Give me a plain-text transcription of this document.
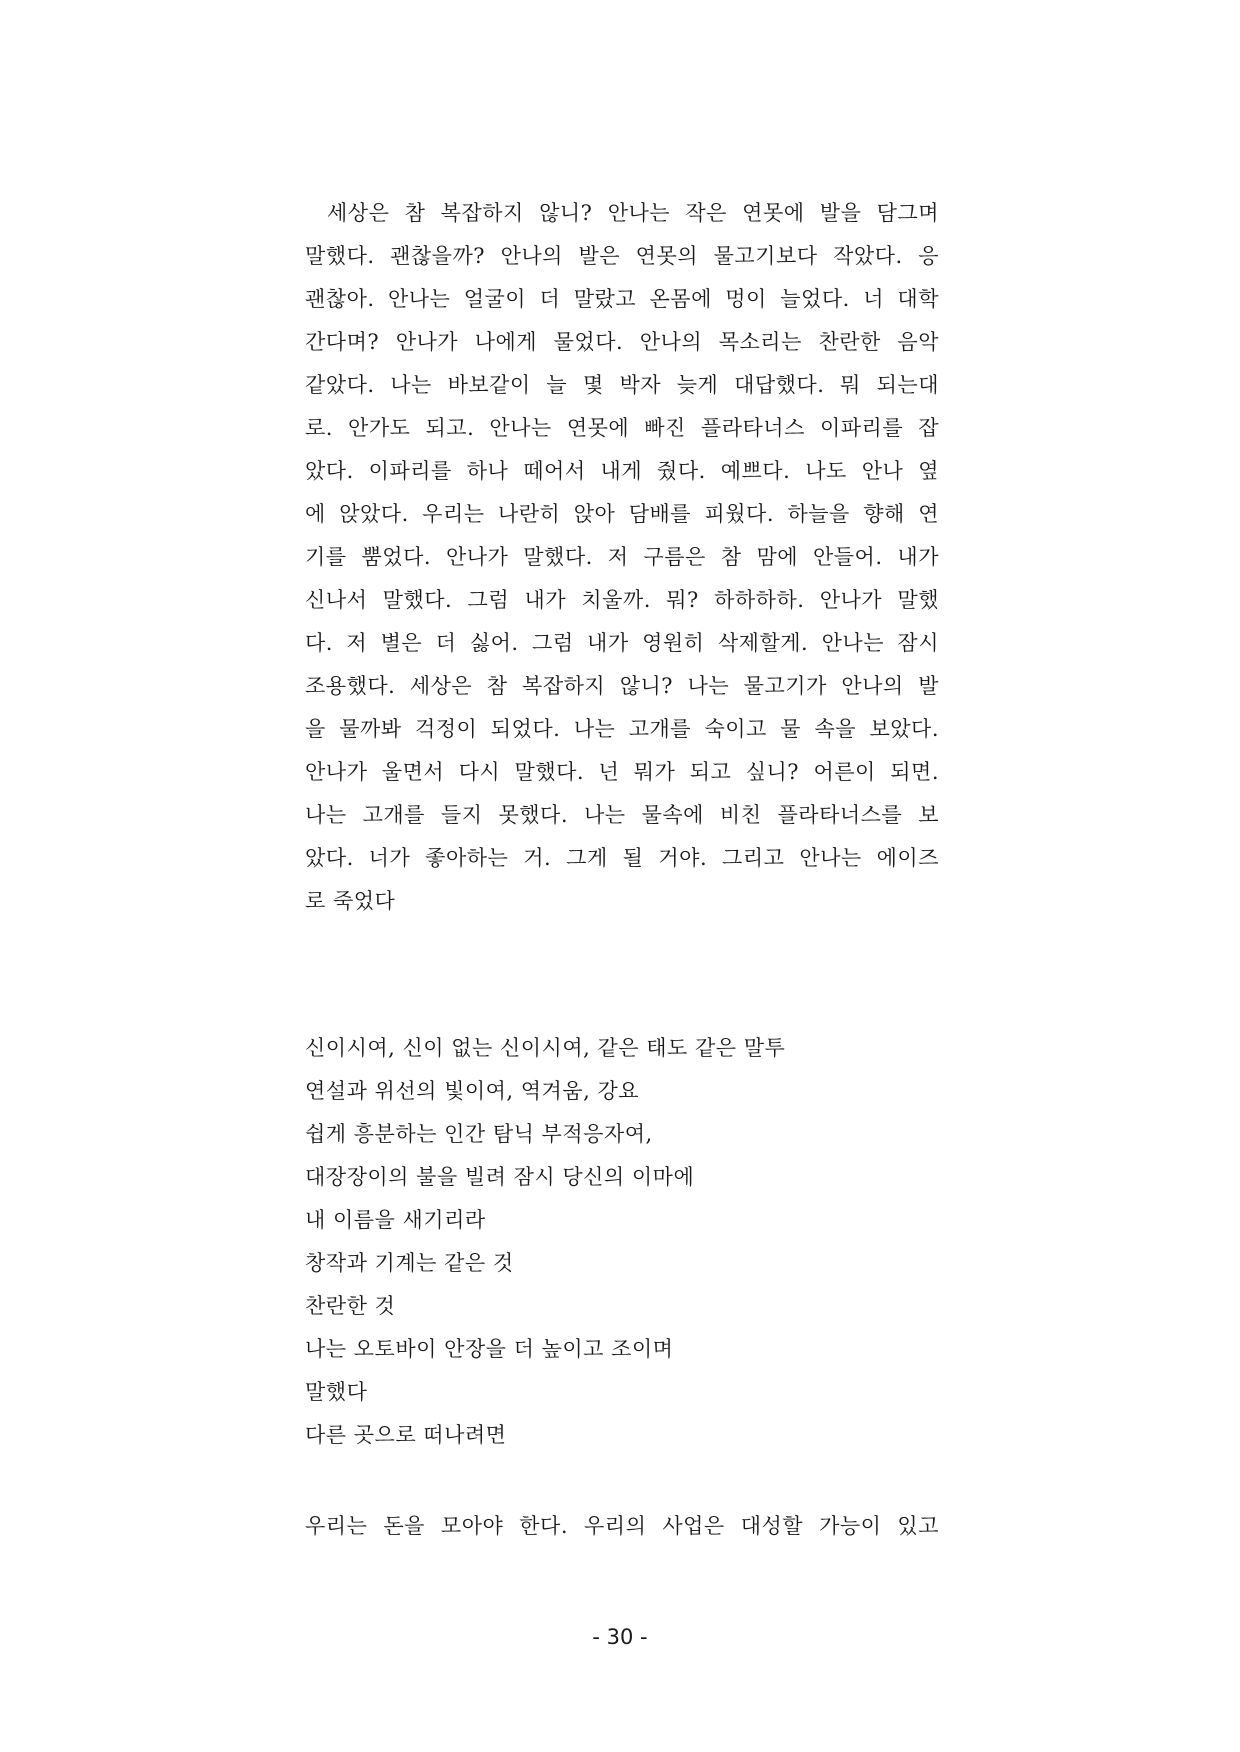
세상은 참 복잡하지 않니? 안나는 작은 연못에 발을 담그며
말했다. 괜찮을까? 안나의 발은 연못의 물고기보다 작았다. 응
괜찮아. 안나는 얼굴이 더 말랐고 온몸에 멍이 늘었다. 너 대학
간다며? 안나가 나에게 물었다. 안나의 목소리는 찬란한 음악
같았다. 나는 바보같이 늘 몇 박자 늦게 대답했다. 뭐 되는대
로. 안가도 되고. 안나는 연못에 빠진 플라타너스 이파리를 잡
았다. 이파리를 하나 떼어서 내게 줬다. 예쁘다. 나도 안나 옆
에 앉았다. 우리는 나란히 앉아 담배를 피웠다. 하늘을 향해 연
기를 뿜었다. 안나가 말했다. 저 구름은 참 맘에 안들어. 내가
신나서 말했다. 그럼 내가 치울까. 뭐? 하하하하. 안나가 말했
다. 저 별은 더 싫어. 그럼 내가 영원히 삭제할게. 안나는 잠시
조용했다. 세상은 참 복잡하지 않니? 나는 물고기가 안나의 발
을 물까봐 걱정이 되었다. 나는 고개를 숙이고 물 속을 보았다.
안나가 울면서 다시 말했다. 넌 뭐가 되고 싶니? 어른이 되면.
나는 고개를 들지 못했다. 나는 물속에 비친 플라타너스를 보
았다. 너가 좋아하는 거. 그게 될 거야. 그리고 안나는 에이즈
로 죽었다
신이시여, 신이 없는 신이시여, 같은 태도 같은 말투
연설과 위선의 빛이여, 역겨움, 강요
쉽게 흥분하는 인간 탐닉 부적응자여,
대장장이의 불을 빌려 잠시 당신의 이마에
내 이름을 새기리라
창작과 기계는 같은 것
찬란한 것
나는 오토바이 안장을 더 높이고 조이며
말했다
다른 곳으로 떠나려면
우리는 돈을 모아야 한다. 우리의 사업은 대성할 가능이 있고
- 30 -
